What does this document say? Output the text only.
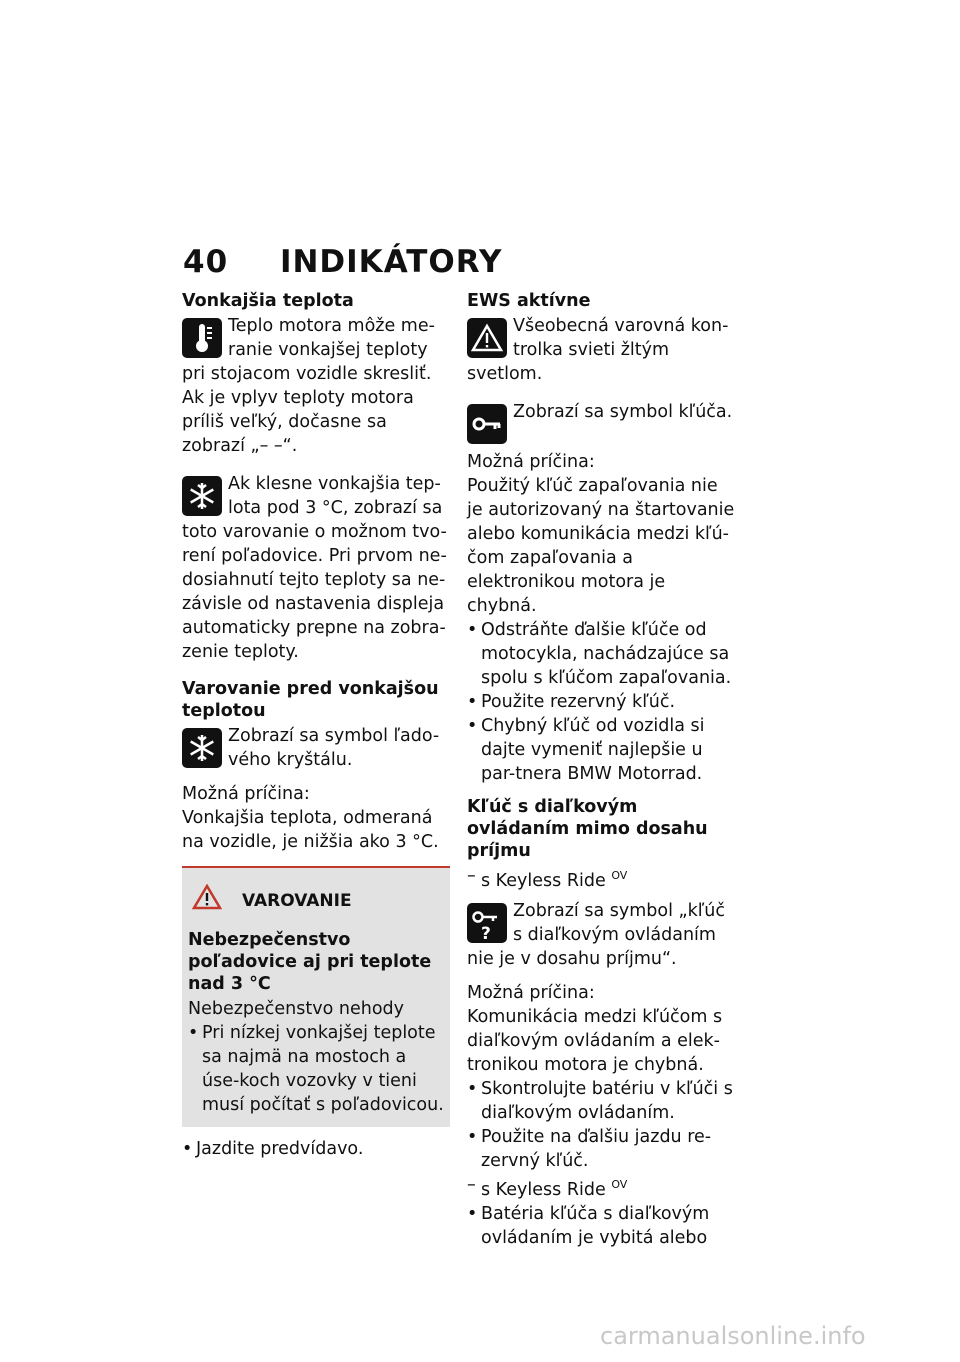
40 INDIKÁTORY
Vonkajšia teplota

Teplo motora môže me-ranie vonkajšej teploty pri stojacom vozidle skresliť. Ak je vplyv teploty motora príliš veľký, dočasne sa zobrazí „– –“.

Ak klesne vonkajšia tep-lota pod 3 °C, zobrazí sa toto varovanie o možnom tvo-rení poľadovice. Pri prvom ne-dosiahnutí tejto teploty sa ne-závisle od nastavenia displeja automaticky prepne na zobra-zenie teploty.

Varovanie pred vonkajšou teplotou

Zobrazí sa symbol ľado-vého kryštálu.

Možná príčina:

Vonkajšia teplota, odmeraná na vozidle, je nižšia ako 3 °C.

VAROVANIE
Nebezpečenstvo poľadovice aj pri teplote nad 3 °C

Nebezpečenstvo nehody

• Pri nízkej vonkajšej teplote sa najmä na mostoch a úse-koch vozovky v tieni musí počítať s poľadovicou.
• Jazdite predvídavo.
EWS aktívne

Všeobecná varovná kon-trolka svieti žltým svetlom.

Zobrazí sa symbol kľúča.

Možná príčina:

Použitý kľúč zapaľovania nie je autorizovaný na štartovanie alebo komunikácia medzi kľú-čom zapaľovania a elektronikou motora je chybná.

• Odstráňte ďalšie kľúče od motocykla, nachádzajúce sa spolu s kľúčom zapaľovania.
• Použite rezervný kľúč.
• Chybný kľúč od vozidla si dajte vymeniť najlepšie u par-tnera BMW Motorrad.
Kľúč s diaľkovým ovládaním mimo dosahu príjmu
– s Keyless Ride $^{OV}$
?

Zobrazí sa symbol „kľúč s diaľkovým ovládaním nie je v dosahu príjmu“.

Možná príčina:

Komunikácia medzi kľúčom s diaľkovým ovládaním a elek-tronikou motora je chybná.

• Skontrolujte batériu v kľúči s diaľkovým ovládaním.
• Použite na ďalšiu jazdu re-zervný kľúč.
– s Keyless Ride $^{OV}$
• Batéria kľúča s diaľkovým ovládaním je vybitá alebo
carmanualsonline.info
